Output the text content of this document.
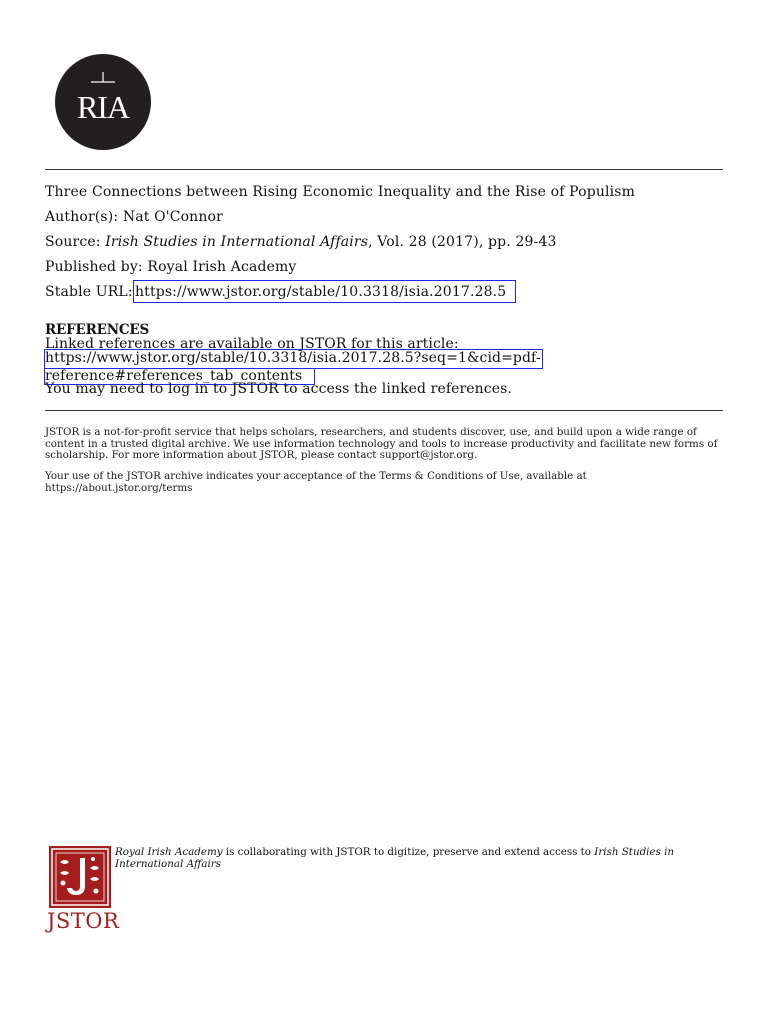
RIA
Three Connections between Rising Economic Inequality and the Rise of Populism
Author(s): Nat O'Connor
Source: Irish Studies in International Affairs, Vol. 28 (2017), pp. 29-43
Published by: Royal Irish Academy
Stable URL: https://www.jstor.org/stable/10.3318/isia.2017.28.5
REFERENCES
Linked references are available on JSTOR for this article:
https://www.jstor.org/stable/10.3318/isia.2017.28.5?seq=1&cid=pdf-
reference#references_tab_contents
You may need to log in to JSTOR to access the linked references.
JSTOR is a not-for-profit service that helps scholars, researchers, and students discover, use, and build upon a wide range of content in a trusted digital archive. We use information technology and tools to increase productivity and facilitate new forms of scholarship. For more information about JSTOR, please contact support@jstor.org.
Your use of the JSTOR archive indicates your acceptance of the Terms & Conditions of Use, available at
https://about.jstor.org/terms
JSTOR
Royal Irish Academy is collaborating with JSTOR to digitize, preserve and extend access to Irish Studies in International Affairs
